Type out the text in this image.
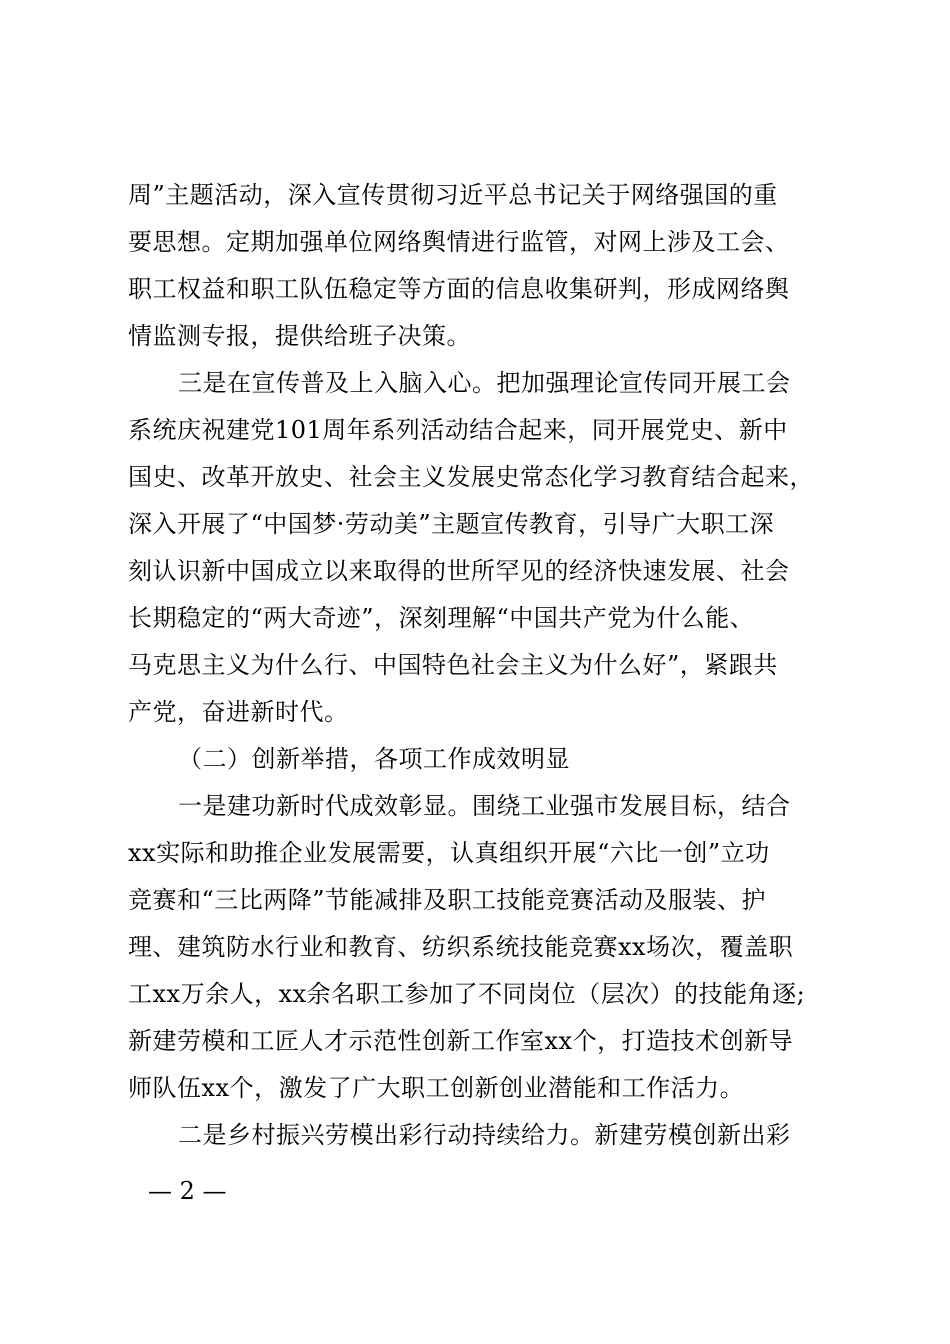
周”主题活动，深入宣传贯彻习近平总书记关于网络强国的重
要思想。定期加强单位网络舆情进行监管，对网上涉及工会、
职工权益和职工队伍稳定等方面的信息收集研判，形成网络舆
情监测专报，提供给班子决策。
三是在宣传普及上入脑入心。把加强理论宣传同开展工会
系统庆祝建党101周年系列活动结合起来，同开展党史、新中
国史、改革开放史、社会主义发展史常态化学习教育结合起来，
深入开展了“中国梦·劳动美”主题宣传教育，引导广大职工深
刻认识新中国成立以来取得的世所罕见的经济快速发展、社会
长期稳定的“两大奇迹”，深刻理解“中国共产党为什么能、
马克思主义为什么行、中国特色社会主义为什么好”，紧跟共
产党，奋进新时代。
（二）创新举措，各项工作成效明显
一是建功新时代成效彰显。围绕工业强市发展目标，结合
xx实际和助推企业发展需要，认真组织开展“六比一创”立功
竞赛和“三比两降”节能减排及职工技能竞赛活动及服装、护
理、建筑防水行业和教育、纺织系统技能竞赛xx场次，覆盖职
工xx万余人，xx余名职工参加了不同岗位（层次）的技能角逐;
新建劳模和工匠人才示范性创新工作室xx个，打造技术创新导
师队伍xx个，激发了广大职工创新创业潜能和工作活力。
二是乡村振兴劳模出彩行动持续给力。新建劳模创新出彩
— 2 —
